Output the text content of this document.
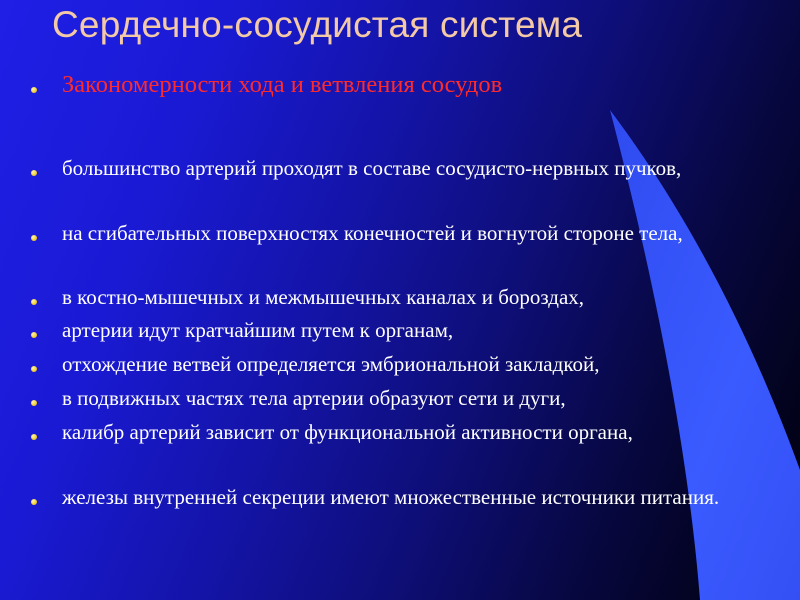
Сердечно-сосудистая система
Закономерности хода и ветвления сосудов
большинство артерий проходят в составе сосудисто-нервных пучков,
на сгибательных поверхностях конечностей и вогнутой стороне тела,
в костно-мышечных и межмышечных каналах и бороздах,
артерии идут кратчайшим путем к органам,
отхождение ветвей определяется эмбриональной закладкой,
в подвижных частях тела артерии образуют сети и дуги,
калибр артерий зависит от функциональной активности органа,
железы внутренней секреции имеют множественные источники питания.
